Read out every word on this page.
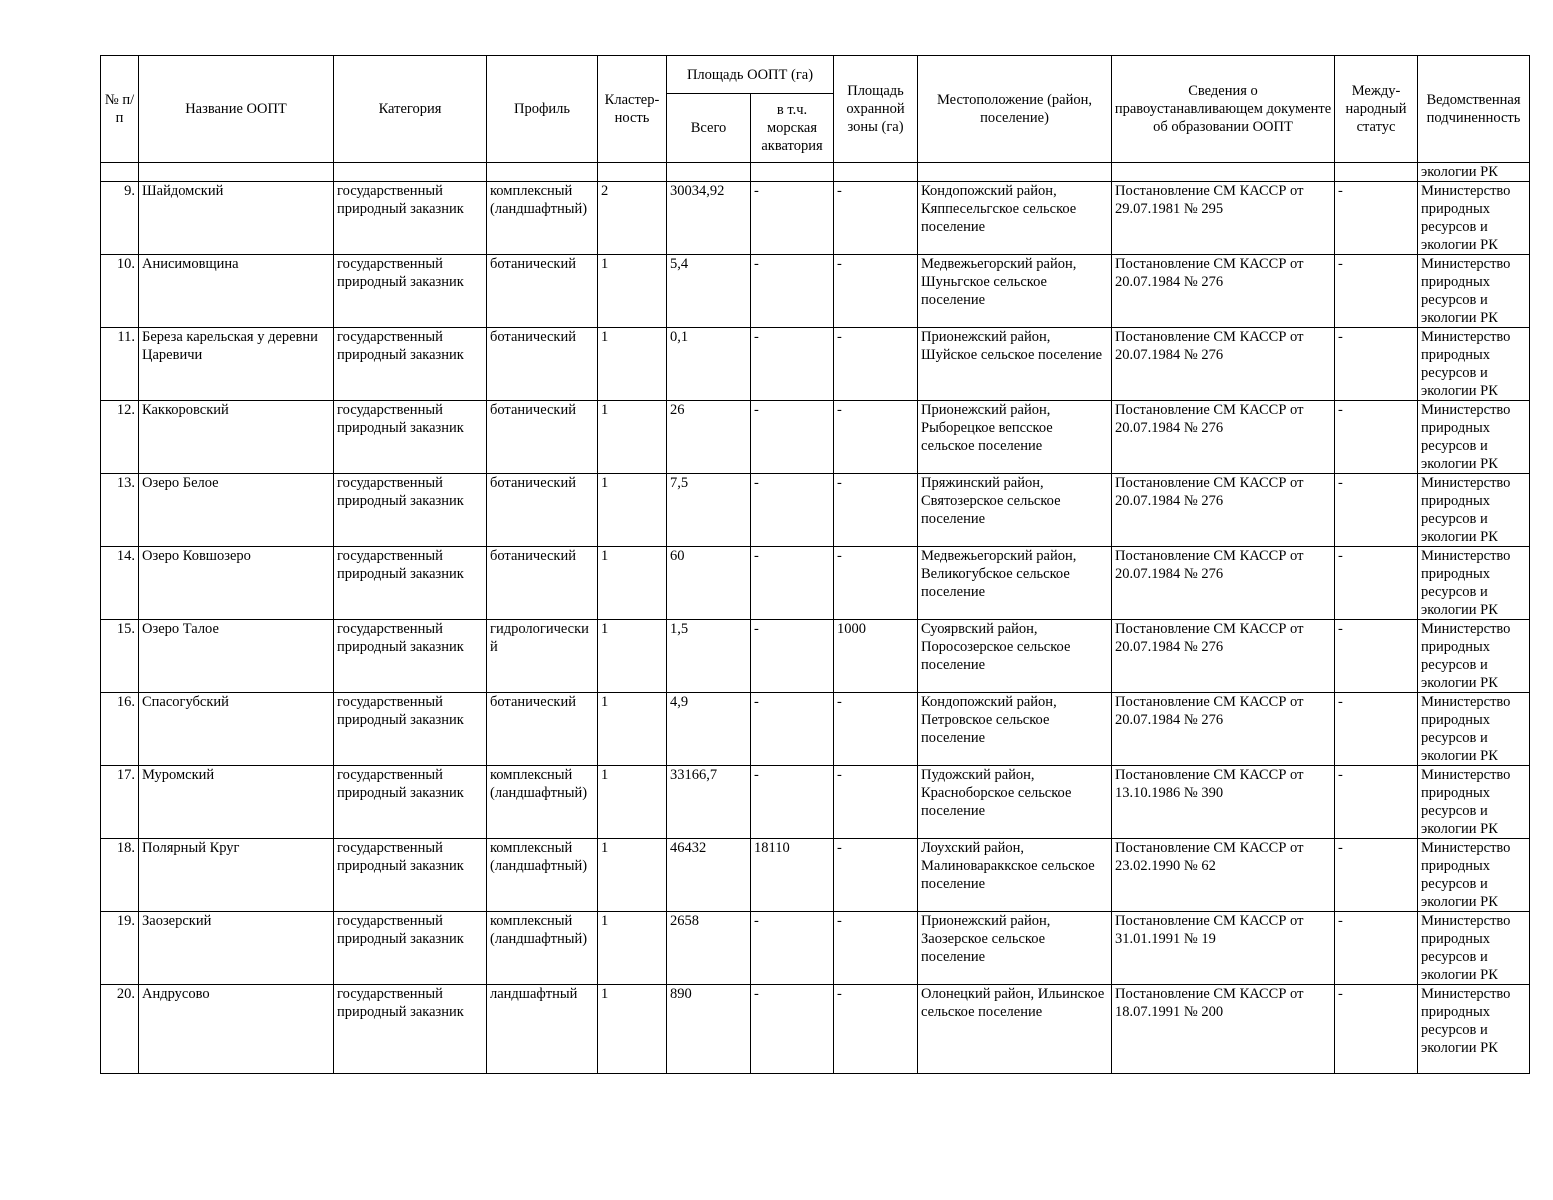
№ п/п	Название ООПТ	Категория	Профиль	Кластер-ность	Площадь ООПТ (га)		Площадь охранной зоны (га)	Местоположение (район, поселение)	Сведения о правоустанавливающем документе об образовании ООПТ	Между-народный статус	Ведомственная подчиненность
					Всего	в т.ч. морская акватория					
											экологии РК
9.	Шайдомский	государственный природный заказник	комплексный (ландшафтный)	2	30034,92	-	-	Кондопожский район, Кяппесельгское сельское поселение	Постановление СМ КАССР от 29.07.1981 № 295	-	Министерство природных ресурсов и экологии РК
10.	Анисимовщина	государственный природный заказник	ботанический	1	5,4	-	-	Медвежьегорский район, Шуньгское сельское поселение	Постановление СМ КАССР от 20.07.1984 № 276	-	Министерство природных ресурсов и экологии РК
11.	Береза карельская у деревни Царевичи	государственный природный заказник	ботанический	1	0,1	-	-	Прионежский район, Шуйское сельское поселение	Постановление СМ КАССР от 20.07.1984 № 276	-	Министерство природных ресурсов и экологии РК
12.	Каккоровский	государственный природный заказник	ботанический	1	26	-	-	Прионежский район, Рыборецкое вепсское сельское поселение	Постановление СМ КАССР от 20.07.1984 № 276	-	Министерство природных ресурсов и экологии РК
13.	Озеро Белое	государственный природный заказник	ботанический	1	7,5	-	-	Пряжинский район, Святозерское сельское поселение	Постановление СМ КАССР от 20.07.1984 № 276	-	Министерство природных ресурсов и экологии РК
14.	Озеро Ковшозеро	государственный природный заказник	ботанический	1	60	-	-	Медвежьегорский район, Великогубское сельское поселение	Постановление СМ КАССР от 20.07.1984 № 276	-	Министерство природных ресурсов и экологии РК
15.	Озеро Талое	государственный природный заказник	гидрологический	1	1,5	-	1000	Суоярвский район, Поросозерское сельское поселение	Постановление СМ КАССР от 20.07.1984 № 276	-	Министерство природных ресурсов и экологии РК
16.	Спасогубский	государственный природный заказник	ботанический	1	4,9	-	-	Кондопожский район, Петровское сельское поселение	Постановление СМ КАССР от 20.07.1984 № 276	-	Министерство природных ресурсов и экологии РК
17.	Муромский	государственный природный заказник	комплексный (ландшафтный)	1	33166,7	-	-	Пудожский район, Красноборское сельское поселение	Постановление СМ КАССР от 13.10.1986 № 390	-	Министерство природных ресурсов и экологии РК
18.	Полярный Круг	государственный природный заказник	комплексный (ландшафтный)	1	46432	18110	-	Лоухский район, Малиновараккское сельское поселение	Постановление СМ КАССР от 23.02.1990 № 62	-	Министерство природных ресурсов и экологии РК
19.	Заозерский	государственный природный заказник	комплексный (ландшафтный)	1	2658	-	-	Прионежский район, Заозерское сельское поселение	Постановление СМ КАССР от 31.01.1991 № 19	-	Министерство природных ресурсов и экологии РК
20.	Андрусово	государственный природный заказник	ландшафтный	1	890	-	-	Олонецкий район, Ильинское сельское поселение	Постановление СМ КАССР от 18.07.1991 № 200	-	Министерство природных ресурсов и экологии РК
